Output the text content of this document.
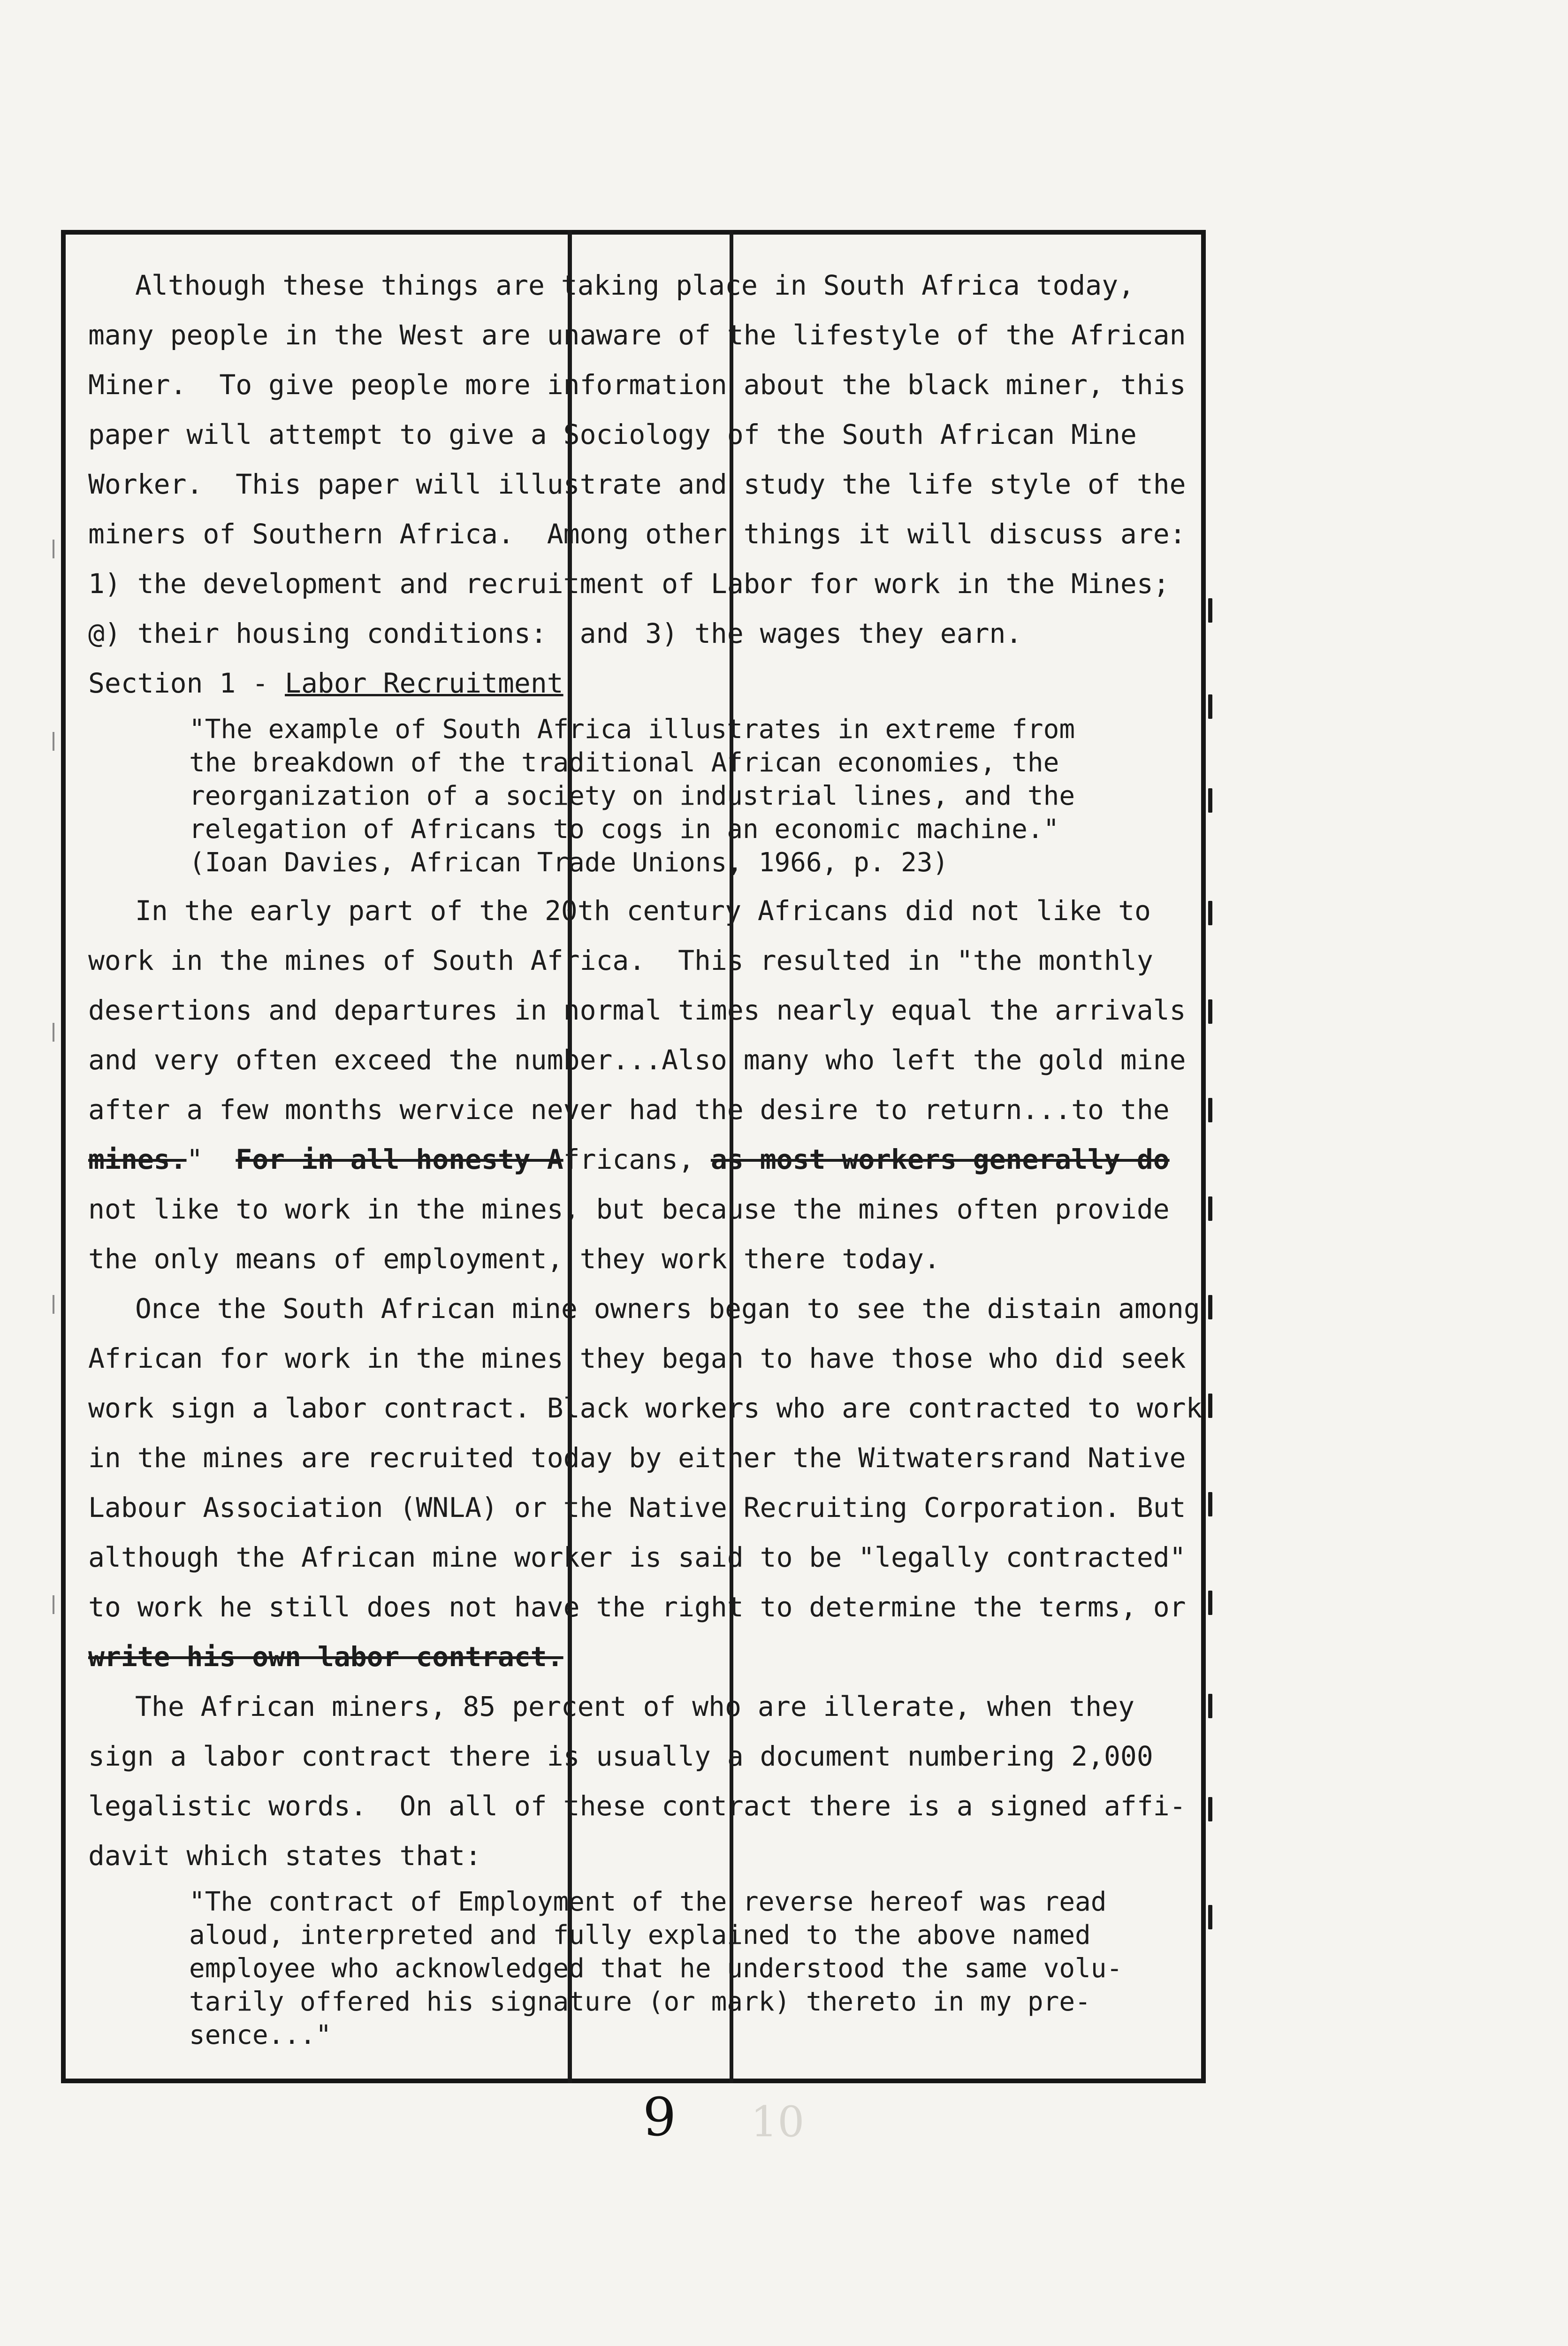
Although these things are taking place in South Africa today,
many people in the West are unaware of the lifestyle of the African
Miner.  To give people more information about the black miner, this
paper will attempt to give a Sociology of the South African Mine
Worker.  This paper will illustrate and study the life style of the
miners of Southern Africa.  Among other things it will discuss are:
1) the development and recruitment of Labor for work in the Mines;
@) their housing conditions:  and 3) the wages they earn.
Section 1 - Labor Recruitment
"The example of South Africa illustrates in extreme from
the breakdown of the traditional African economies, the
reorganization of a society on industrial lines, and the
relegation of Africans to cogs in an economic machine."
(Ioan Davies, African Trade Unions, 1966, p. 23)
In the early part of the 20th century Africans did not like to
work in the mines of South Africa.  This resulted in "the monthly
desertions and departures in normal times nearly equal the arrivals
and very often exceed the number...Also many who left the gold mine
after a few months wervice never had the desire to return...to the
mines."  For in all honesty Africans, as most workers generally do
not like to work in the mines, but because the mines often provide
the only means of employment, they work there today.
Once the South African mine owners began to see the distain among
African for work in the mines they began to have those who did seek
work sign a labor contract. Black workers who are contracted to work
in the mines are recruited today by either the Witwatersrand Native
Labour Association (WNLA) or the Native Recruiting Corporation. But
although the African mine worker is said to be "legally contracted"
to work he still does not have the right to determine the terms, or
write his own labor contract.
The African miners, 85 percent of who are illerate, when they
sign a labor contract there is usually a document numbering 2,000
legalistic words.  On all of these contract there is a signed affi-
davit which states that:
"The contract of Employment of the reverse hereof was read
aloud, interpreted and fully explained to the above named
employee who acknowledged that he understood the same volu-
tarily offered his signature (or mark) thereto in my pre-
sence..."
9 10
